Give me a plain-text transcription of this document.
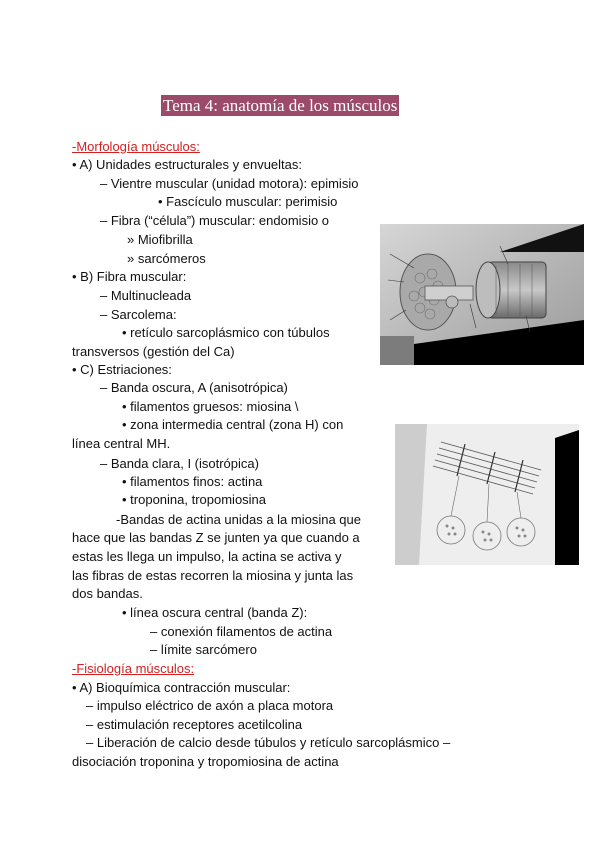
Tema 4: anatomía de los músculos
-Morfología músculos:
• A) Unidades estructurales y envueltas:
– Vientre muscular (unidad motora): epimisio
• Fascículo muscular: perimisio
– Fibra (“célula”) muscular: endomisio o
» Miofibrilla
» sarcómeros
• B) Fibra muscular:
– Multinucleada
– Sarcolema:
• retículo sarcoplásmico con túbulos
transversos (gestión del Ca)
• C) Estriaciones:
– Banda oscura, A (anisotrópica)
• filamentos gruesos: miosina \
• zona intermedia central (zona H) con
línea central MH.
– Banda clara, I (isotrópica)
• filamentos finos: actina
• troponina, tropomiosina
-Bandas de actina unidas a la miosina que
hace que las bandas Z se junten ya que cuando a
estas les llega un impulso, la actina se activa y
las fibras de estas recorren la miosina y junta las
dos bandas.
• línea oscura central (banda Z):
– conexión filamentos de actina
– límite sarcómero
-Fisiología músculos:
• A) Bioquímica contracción muscular:
– impulso eléctrico de axón a placa motora
– estimulación receptores acetilcolina
– Liberación de calcio desde túbulos y retículo sarcoplásmico –
disociación troponina y tropomiosina de actina
